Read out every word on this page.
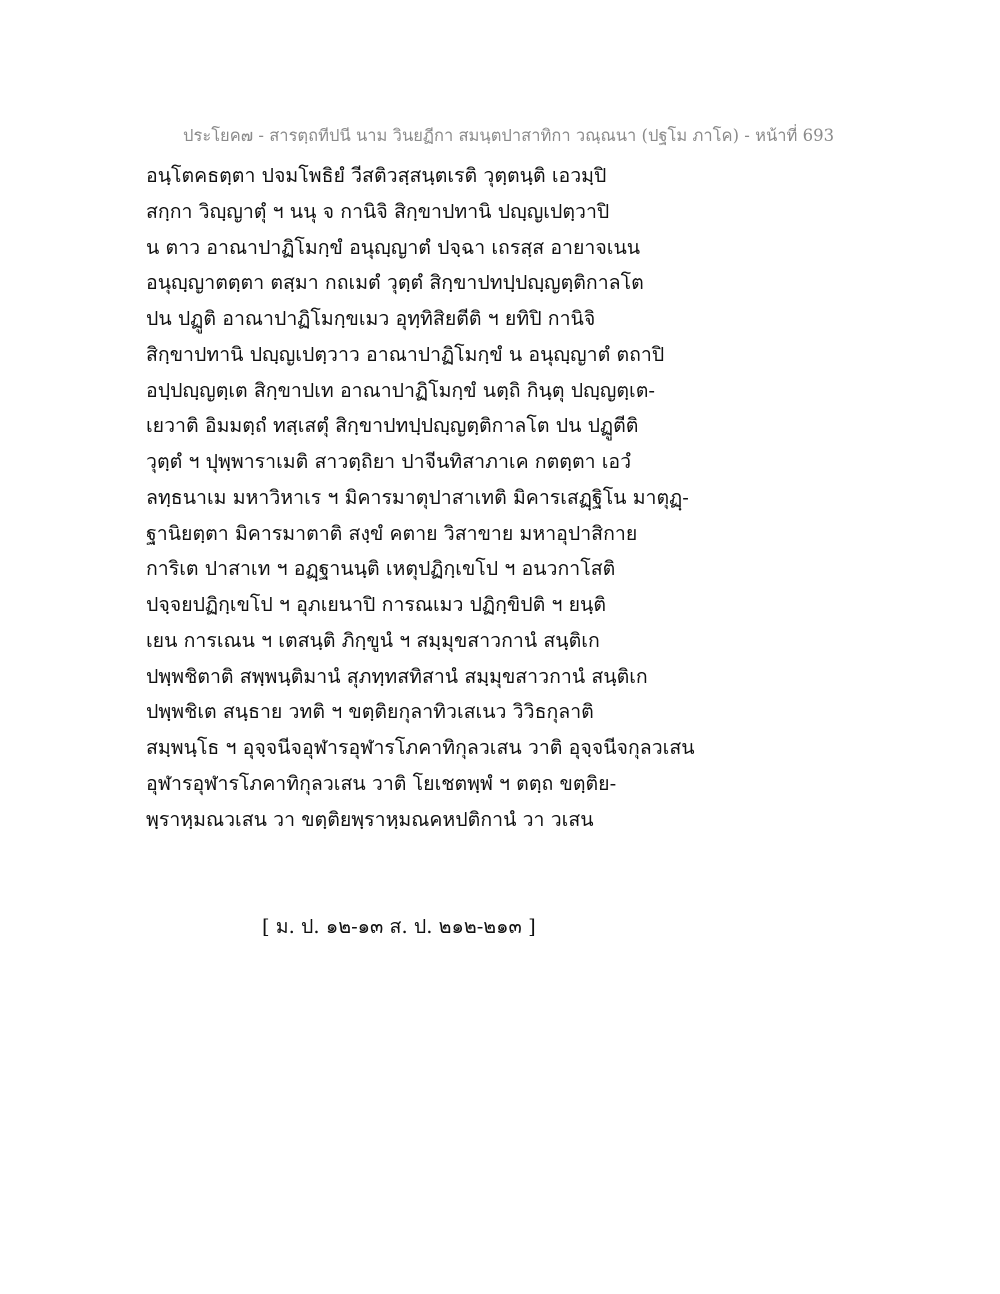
ประโยค๗ - สารตฺถทีปนี นาม วินยฏีกา สมนฺตปาสาทิกา วณฺณนา (ปฐโม ภาโค) - หน้าที่ 693
อนฺโตคธตฺตา ปจมโพธิยํ วีสติวสฺสนฺตเรติ วุตฺตนฺติ เอวมฺปิ
สกฺกา วิญฺญาตุํ ฯ นนุ จ กานิจิ สิกฺขาปทานิ ปญฺญเปตฺวาปิ
น ตาว อาณาปาฏิโมกฺขํ อนุญฺญาตํ ปจฺฉา เถรสฺส อายาจเนน
อนุญฺญาตตฺตา ตสฺมา กถเมตํ วุตฺตํ สิกฺขาปทปฺปญฺญตฺติกาลโต
ปน ปฏูติ อาณาปาฏิโมกฺขเมว อุทฺทิสิยตีติ ฯ ยทิปิ กานิจิ
สิกฺขาปทานิ ปญฺญเปตฺวาว อาณาปาฏิโมกฺขํ น อนุญฺญาตํ ตถาปิ
อปฺปญฺญตฺเต สิกฺขาปเท อาณาปาฏิโมกฺขํ นตฺถิ กินฺตุ ปญฺญตฺเต-
เยวาติ อิมมตฺถํ ทสฺเสตุํ สิกฺขาปทปฺปญฺญตฺติกาลโต ปน ปฏูตีติ
วุตฺตํ ฯ ปุพฺพาราเมติ สาวตฺถิยา ปาจีนทิสาภาเค กตตฺตา เอวํ
ลทฺธนาเม มหาวิหาเร ฯ มิคารมาตุปาสาเทติ มิคารเสฏฺฐิโน มาตุฏฺ-
ฐานิยตฺตา มิคารมาตาติ สงฺขํ คตาย วิสาขาย มหาอุปาสิกาย
การิเต ปาสาเท ฯ อฏฺฐานนฺติ เหตุปฏิกฺเขโป ฯ อนวกาโสติ
ปจฺจยปฏิกฺเขโป ฯ อุภเยนาปิ การณเมว ปฏิกฺขิปติ ฯ ยนฺติ
เยน การเณน ฯ เตสนฺติ ภิกฺขูนํ ฯ สมฺมุขสาวกานํ สนฺติเก
ปพฺพชิตาติ สพฺพนฺติมานํ สุภทฺทสทิสานํ สมฺมุขสาวกานํ สนฺติเก
ปพฺพชิเต สนฺธาย วทติ ฯ ขตฺติยกุลาทิวเสเนว วิวิธกุลาติ
สมฺพนฺโธ ฯ อุจฺจนีจอุฬารอุฬารโภคาทิกุลวเสน วาติ อุจฺจนีจกุลวเสน
อุฬารอุฬารโภคาทิกุลวเสน วาติ โยเชตพฺพํ ฯ ตตฺถ ขตฺติย-
พฺราหฺมณวเสน วา ขตฺติยพฺราหฺมณคหปติกานํ วา วเสน
[ ม. ป. ๑๒-๑๓ ส. ป. ๒๑๒-๒๑๓ ]
